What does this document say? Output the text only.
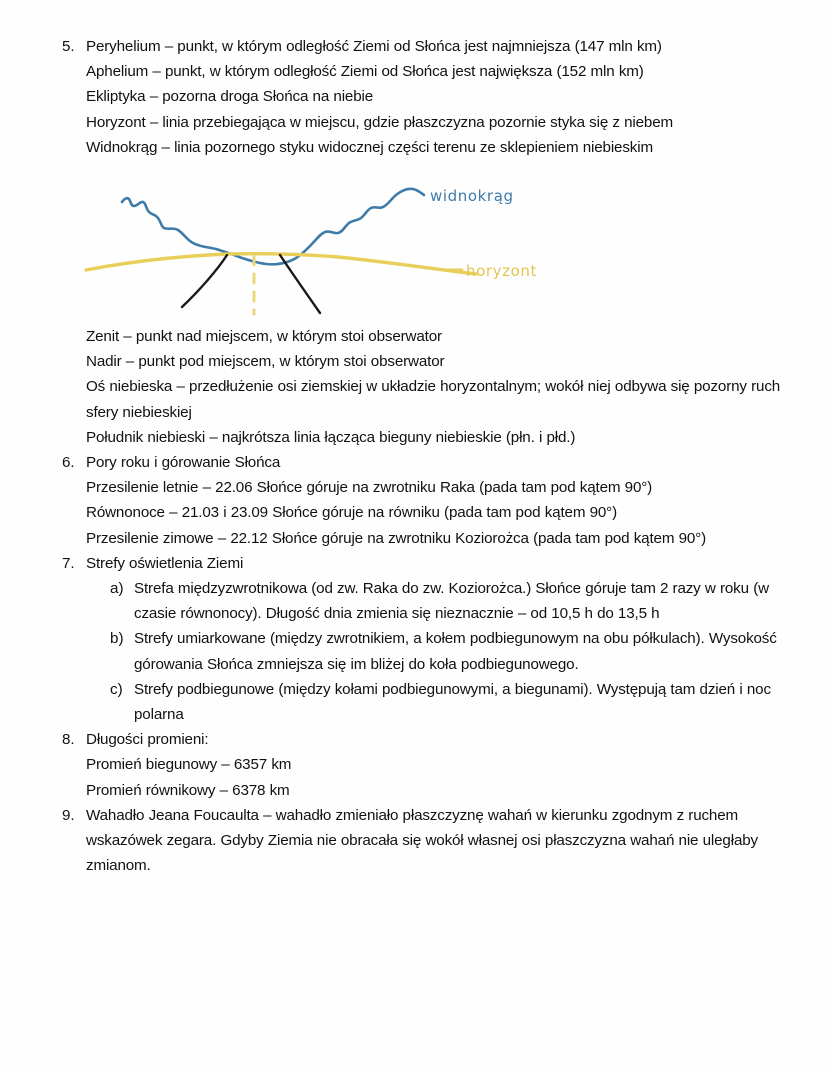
5. Peryhelium – punkt, w którym odległość Ziemi od Słońca jest najmniejsza (147 mln km)
Aphelium – punkt, w którym odległość Ziemi od Słońca jest największa (152 mln km)
Ekliptyka – pozorna droga Słońca na niebie
Horyzont – linia przebiegająca w miejscu, gdzie płaszczyzna pozornie styka się z niebem
Widnokrąg – linia pozornego styku widocznej części terenu ze sklepieniem niebieskim
widnokrąg
horyzont
Zenit – punkt nad miejscem, w którym stoi obserwator
Nadir – punkt pod miejscem, w którym stoi obserwator
Oś niebieska – przedłużenie osi ziemskiej w układzie horyzontalnym; wokół niej odbywa się pozorny ruch sfery niebieskiej
Południk niebieski – najkrótsza linia łącząca bieguny niebieskie (płn. i płd.)
6. Pory roku i górowanie Słońca
Przesilenie letnie – 22.06 Słońce góruje na zwrotniku Raka (pada tam pod kątem 90°)
Równonoce – 21.03 i 23.09 Słońce góruje na równiku (pada tam pod kątem 90°)
Przesilenie zimowe – 22.12 Słońce góruje na zwrotniku Koziorożca (pada tam pod kątem 90°)
7. Strefy oświetlenia Ziemi
a) Strefa międzyzwrotnikowa (od zw. Raka do zw. Koziorożca.) Słońce góruje tam 2 razy w roku (w czasie równonocy). Długość dnia zmienia się nieznacznie – od 10,5 h do 13,5 h
b) Strefy umiarkowane (między zwrotnikiem, a kołem podbiegunowym na obu półkulach). Wysokość górowania Słońca zmniejsza się im bliżej do koła podbiegunowego.
c) Strefy podbiegunowe (między kołami podbiegunowymi, a biegunami). Występują tam dzień i noc polarna
8. Długości promieni:
Promień biegunowy – 6357 km
Promień równikowy – 6378 km
9. Wahadło Jeana Foucaulta – wahadło zmieniało płaszczyznę wahań w kierunku zgodnym z ruchem wskazówek zegara. Gdyby Ziemia nie obracała się wokół własnej osi płaszczyzna wahań nie uległaby zmianom.
